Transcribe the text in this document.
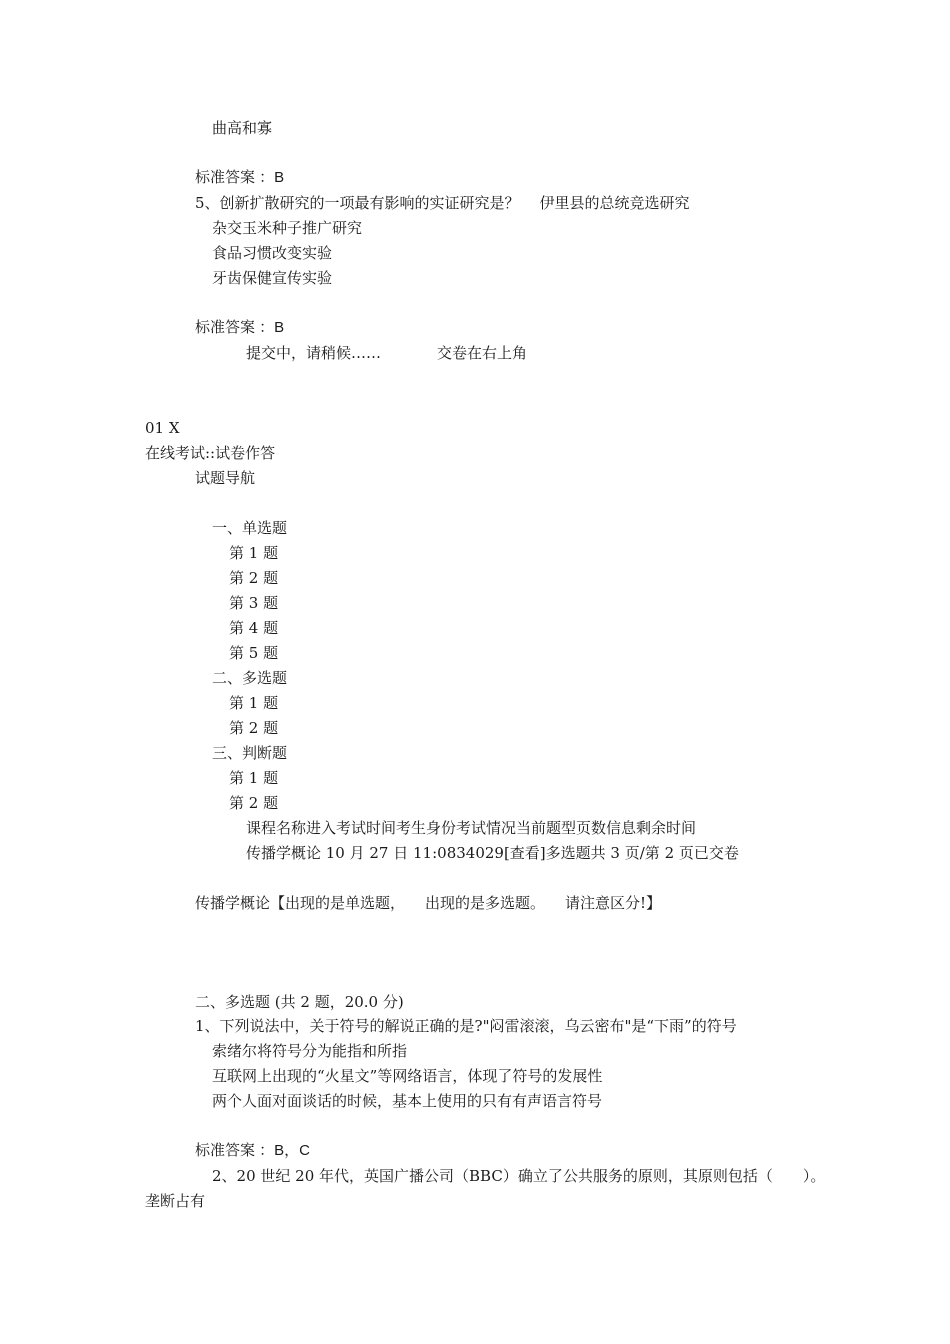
曲高和寡
标准答案 ：B
5、创新扩散研究的一项最有影响的实证研究是？ 伊里县的总统竞选研究
杂交玉米种子推广研究
食品习惯改变实验
牙齿保健宣传实验
标准答案 ：B
提交中，请稍候……	交卷在右上角
01 X
在线考试::试卷作答
试题导航
一、单选题
第 1 题
第 2 题
第 3 题
第 4 题
第 5 题
二、多选题
第 1 题
第 2 题
三、判断题
第 1 题
第 2 题
课程名称进入考试时间考生身份考试情况当前题型页数信息剩余时间
传播学概论 10 月 27 日 11:0834029[查看]多选题共 3 页/第 2 页已交卷
传播学概论【出现的是单选题， 出现的是多选题。 请注意区分!】
二、多选题 (共 2 题，20.0 分)
1、下列说法中，关于符号的解说正确的是?"闷雷滚滚，乌云密布"是“下雨”的符号
索绪尔将符号分为能指和所指
互联网上出现的“火星文”等网络语言，体现了符号的发展性
两个人面对面谈话的时候，基本上使用的只有有声语言符号
标准答案 ：B，C
2、20 世纪 20 年代，英国广播公司（BBC）确立了公共服务的原则，其原则包括（　　）。
垄断占有
